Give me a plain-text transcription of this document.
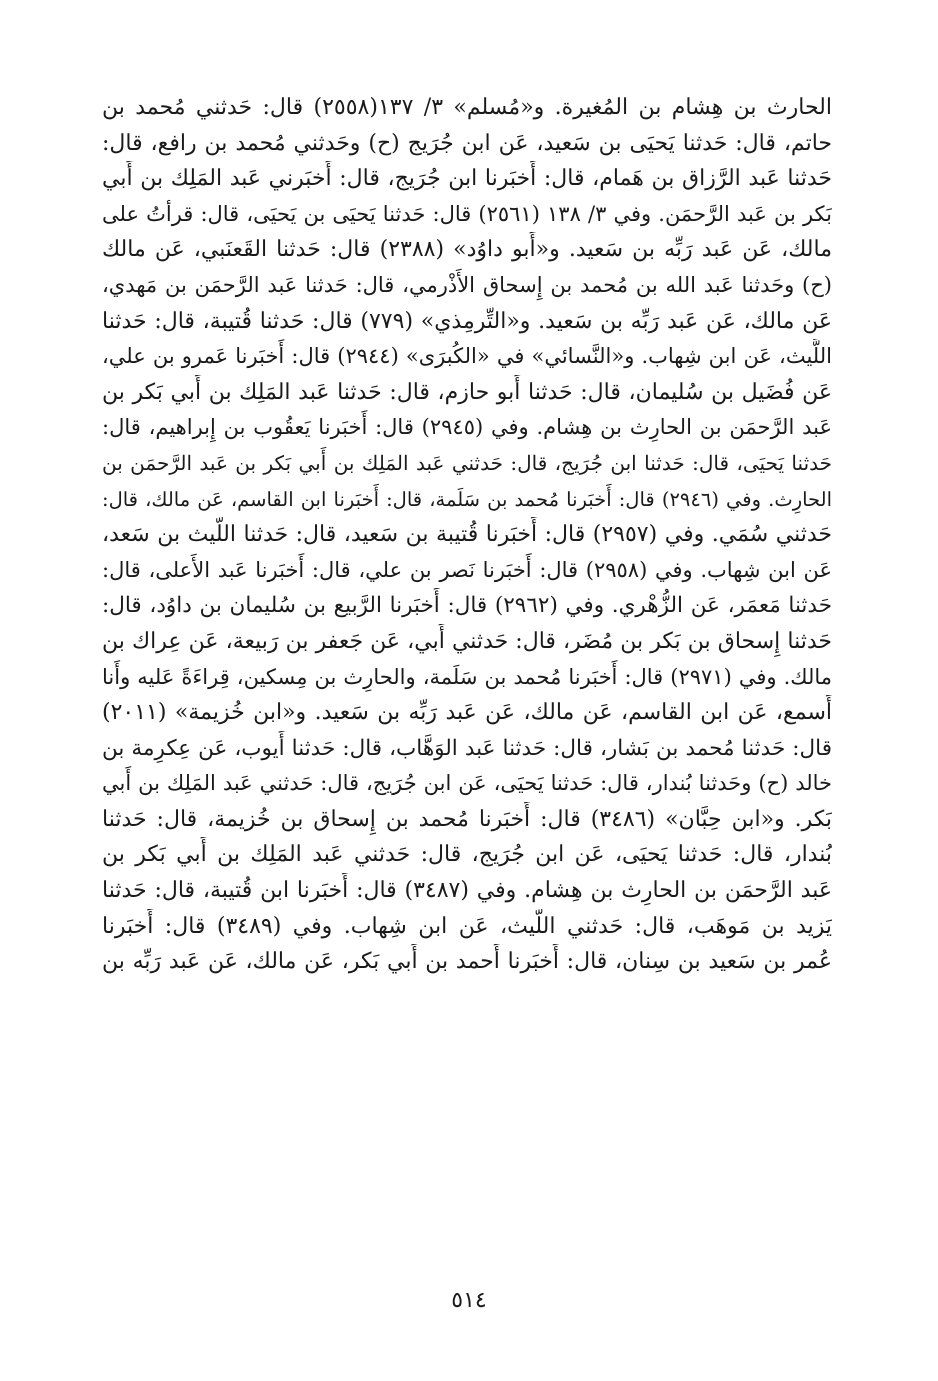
الحارث بن هِشام بن المُغيرة. و«مُسلم» ٣/ ١٣٧(٢٥٥٨) قال: حَدثني مُحمد بن
حاتم، قال: حَدثنا يَحيَى بن سَعيد، عَن ابن جُرَيج (ح) وحَدثني مُحمد بن رافع، قال:
حَدثنا عَبد الرَّزاق بن هَمام، قال: أَخبَرنا ابن جُرَيج، قال: أَخبَرني عَبد المَلِك بن أَبي
بَكر بن عَبد الرَّحمَن. وفي ٣/ ١٣٨ (٢٥٦١) قال: حَدثنا يَحيَى بن يَحيَى، قال: قرأتُ على
مالك، عَن عَبد رَبِّه بن سَعيد. و«أَبو داوُد» (٢٣٨٨) قال: حَدثنا القَعنَبي، عَن مالك
(ح) وحَدثنا عَبد الله بن مُحمد بن إِسحاق الأَذْرمي، قال: حَدثنا عَبد الرَّحمَن بن مَهدي،
عَن مالك، عَن عَبد رَبِّه بن سَعيد. و«التِّرمِذي» (٧٧٩) قال: حَدثنا قُتيبة، قال: حَدثنا
اللَّيث، عَن ابن شِهاب. و«النَّسائي» في «الكُبرَى» (٢٩٤٤) قال: أَخبَرنا عَمرو بن علي،
عَن فُضَيل بن سُليمان، قال: حَدثنا أَبو حازم، قال: حَدثنا عَبد المَلِك بن أَبي بَكر بن
عَبد الرَّحمَن بن الحارِث بن هِشام. وفي (٢٩٤٥) قال: أَخبَرنا يَعقُوب بن إِبراهيم، قال:
حَدثنا يَحيَى، قال: حَدثنا ابن جُرَيج، قال: حَدثني عَبد المَلِك بن أَبي بَكر بن عَبد الرَّحمَن بن
الحارِث. وفي (٢٩٤٦) قال: أَخبَرنا مُحمد بن سَلَمة، قال: أَخبَرنا ابن القاسم، عَن مالك، قال:
حَدثني سُمَي. وفي (٢٩٥٧) قال: أَخبَرنا قُتيبة بن سَعيد، قال: حَدثنا اللَّيث بن سَعد،
عَن ابن شِهاب. وفي (٢٩٥٨) قال: أَخبَرنا نَصر بن علي، قال: أَخبَرنا عَبد الأَعلى، قال:
حَدثنا مَعمَر، عَن الزُّهْري. وفي (٢٩٦٢) قال: أَخبَرنا الرَّبيع بن سُليمان بن داوُد، قال:
حَدثنا إِسحاق بن بَكر بن مُضَر، قال: حَدثني أَبي، عَن جَعفر بن رَبيعة، عَن عِراك بن
مالك. وفي (٢٩٧١) قال: أَخبَرنا مُحمد بن سَلَمة، والحارِث بن مِسكين، قِراءَةً عَليه وأَنا
أَسمع، عَن ابن القاسم، عَن مالك، عَن عَبد رَبِّه بن سَعيد. و«ابن خُزيمة» (٢٠١١)
قال: حَدثنا مُحمد بن بَشار، قال: حَدثنا عَبد الوَهَّاب، قال: حَدثنا أَيوب، عَن عِكرِمة بن
خالد (ح) وحَدثنا بُندار، قال: حَدثنا يَحيَى، عَن ابن جُرَيج، قال: حَدثني عَبد المَلِك بن أَبي
بَكر. و«ابن حِبَّان» (٣٤٨٦) قال: أَخبَرنا مُحمد بن إِسحاق بن خُزيمة، قال: حَدثنا
بُندار، قال: حَدثنا يَحيَى، عَن ابن جُرَيج، قال: حَدثني عَبد المَلِك بن أَبي بَكر بن
عَبد الرَّحمَن بن الحارِث بن هِشام. وفي (٣٤٨٧) قال: أَخبَرنا ابن قُتيبة، قال: حَدثنا
يَزيد بن مَوهَب، قال: حَدثني اللَّيث، عَن ابن شِهاب. وفي (٣٤٨٩) قال: أَخبَرنا
عُمر بن سَعيد بن سِنان، قال: أَخبَرنا أَحمد بن أَبي بَكر، عَن مالك، عَن عَبد رَبِّه بن
٥١٤
